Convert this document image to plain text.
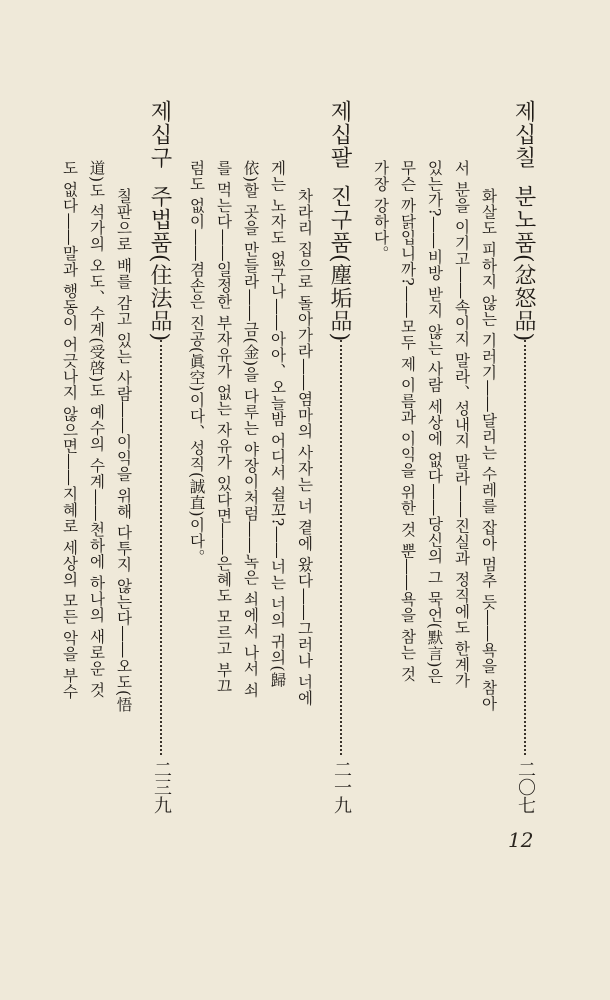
제십칠
분노품(忿怒品)
二〇七
화살도 피하지 않는 기러기――달리는 수레를 잡아 멈추 듯――욕을 참아
서 분을 이기고――속이지 말라、성내지 말라――진실과 정직에도 한계가
있는가?――비방 받지 않는 사람 세상에 없다――당신의 그 묵언(默言)은
무슨 까닭입니까?――모두 제 이름과 이익을 위한 것 뿐――욕을 참는 것
가장 강하다。
제십팔
진구품(塵垢品)
二一九
차라리 집으로 돌아가라――염마의 사자는 너 곁에 왔다――그러나 너에
게는 노자도 없구나――아아、오늘밤 어디서 쉴꼬?――너는 너의 귀의(歸
依)할 곳을 만들라――금(金)을 다루는 야장이처럼――녹은 쇠에서 나서 쇠
를 먹는다――일정한 부자유가 없는 자유가 있다면――은혜도 모르고 부끄
럼도 없이――겸손은 진공(眞空)이다、성직(誠直)이다。
제십구
주법품(住法品)
二三九
칠판으로 배를 감고 있는 사람――이익을 위해 다투지 않는다――오도(悟
道)도 석가의 오도、수계(受啓)도 예수의 수계――천하에 하나의 새로운 것
도 없다――말과 행동이 어긋나지 않으면――지혜로 세상의 모든 악을 부수
12
